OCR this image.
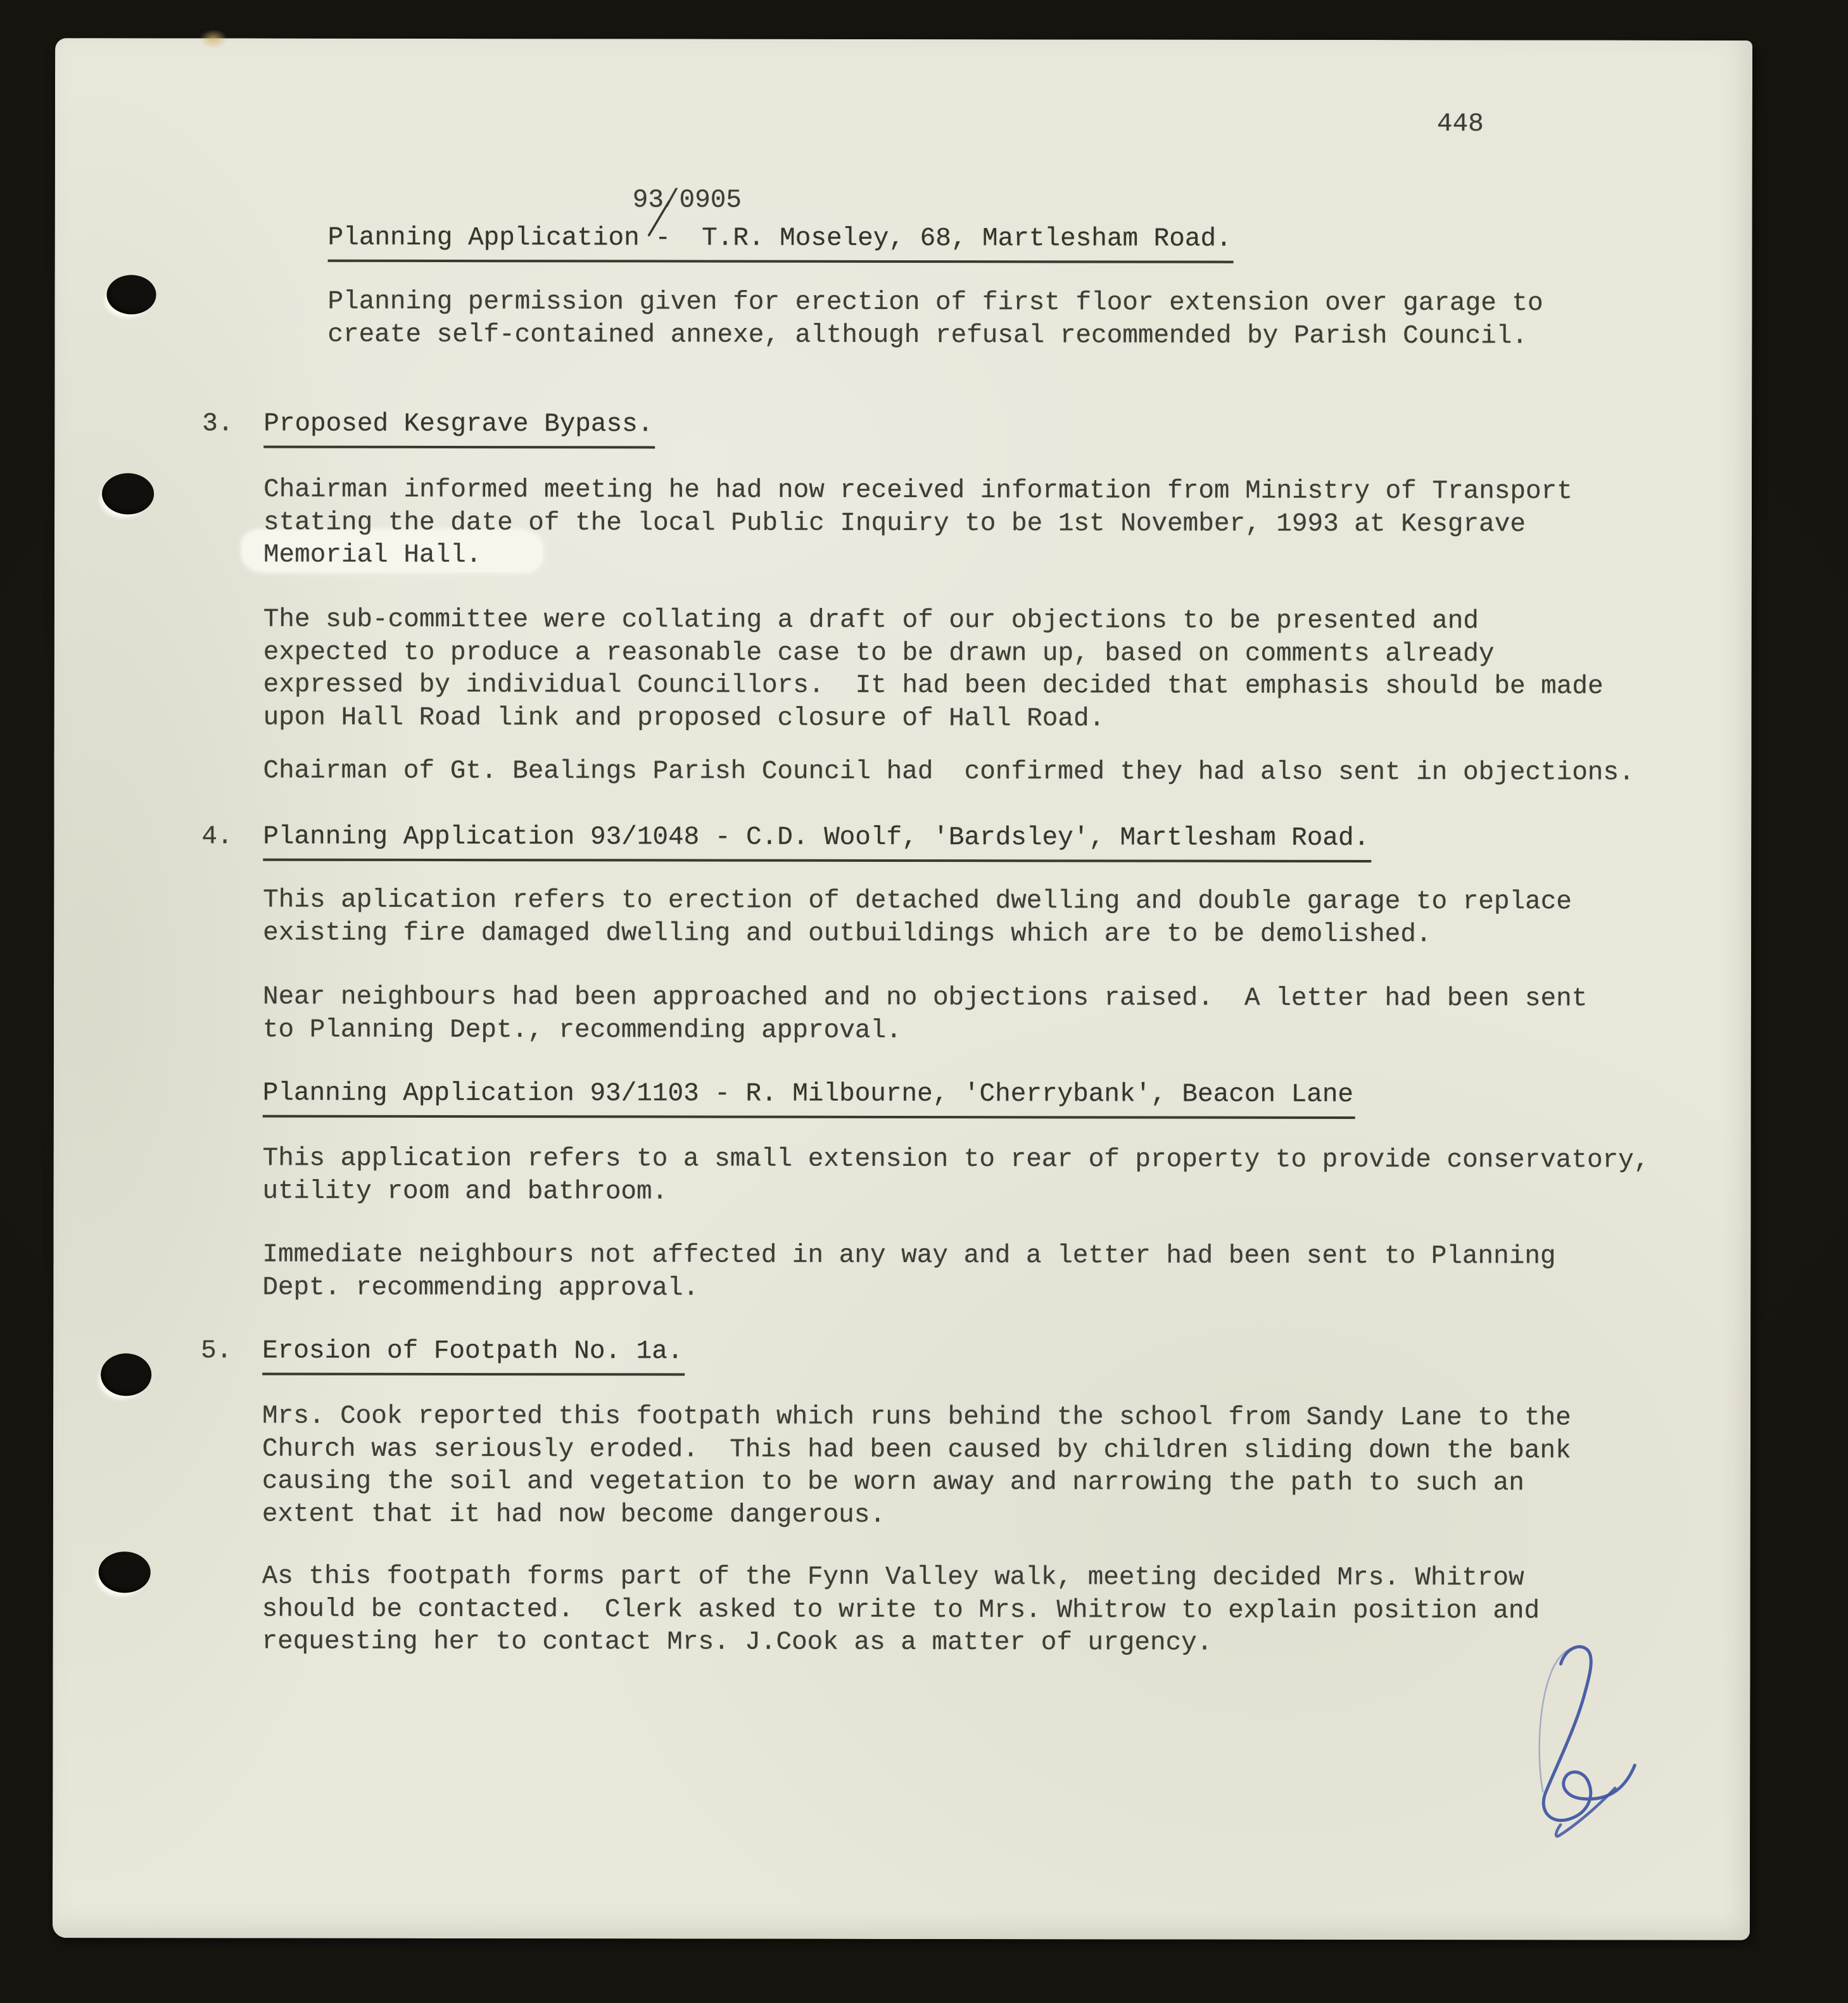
448
93/0905
Planning Application -  T.R. Moseley, 68, Martlesham Road.
Planning permission given for erection of first floor extension over garage to
create self-contained annexe, although refusal recommended by Parish Council.
3. Proposed Kesgrave Bypass.
Chairman informed meeting he had now received information from Ministry of Transport
stating the date of the local Public Inquiry to be 1st November, 1993 at Kesgrave
Memorial Hall.
The sub-committee were collating a draft of our objections to be presented and
expected to produce a reasonable case to be drawn up, based on comments already
expressed by individual Councillors.  It had been decided that emphasis should be made
upon Hall Road link and proposed closure of Hall Road.
Chairman of Gt. Bealings Parish Council had  confirmed they had also sent in objections.
4. Planning Application 93/1048 - C.D. Woolf, 'Bardsley', Martlesham Road.
This aplication refers to erection of detached dwelling and double garage to replace
existing fire damaged dwelling and outbuildings which are to be demolished.
Near neighbours had been approached and no objections raised.  A letter had been sent
to Planning Dept., recommending approval.
Planning Application 93/1103 - R. Milbourne, 'Cherrybank', Beacon Lane
This application refers to a small extension to rear of property to provide conservatory,
utility room and bathroom.
Immediate neighbours not affected in any way and a letter had been sent to Planning
Dept. recommending approval.
5. Erosion of Footpath No. 1a.
Mrs. Cook reported this footpath which runs behind the school from Sandy Lane to the
Church was seriously eroded.  This had been caused by children sliding down the bank
causing the soil and vegetation to be worn away and narrowing the path to such an
extent that it had now become dangerous.
As this footpath forms part of the Fynn Valley walk, meeting decided Mrs. Whitrow
should be contacted.  Clerk asked to write to Mrs. Whitrow to explain position and
requesting her to contact Mrs. J.Cook as a matter of urgency.
